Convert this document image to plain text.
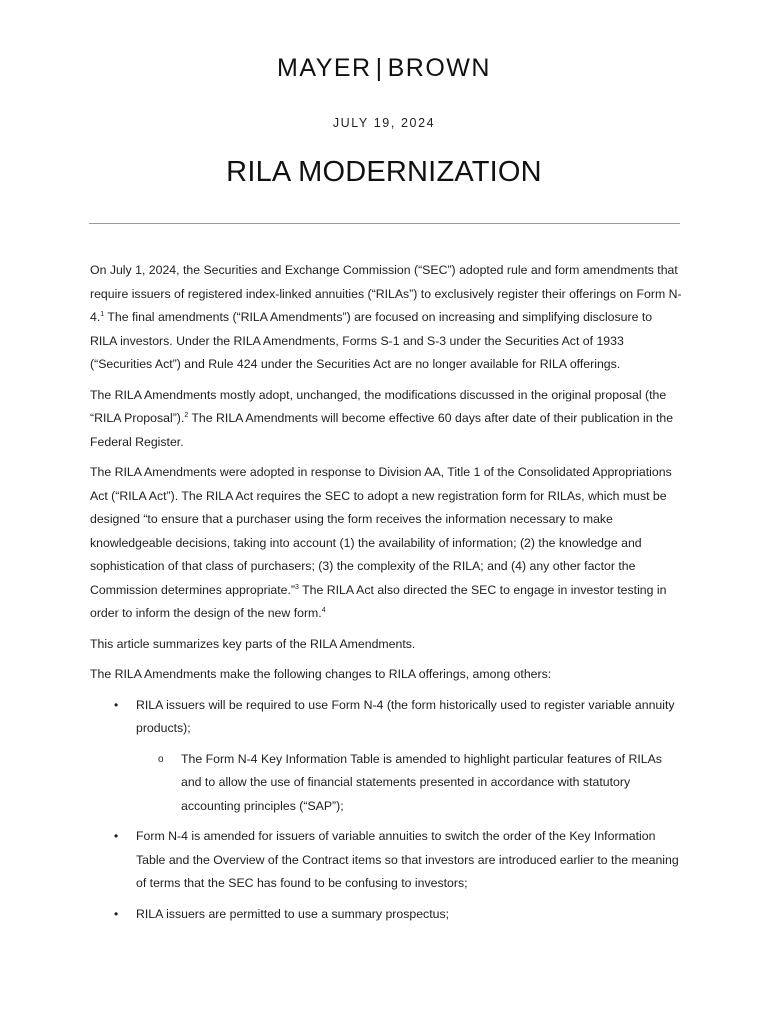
MAYER | BROWN
JULY 19, 2024
RILA MODERNIZATION

On July 1, 2024, the Securities and Exchange Commission (“SEC”) adopted rule and form amendments that require issuers of registered index-linked annuities (“RILAs”) to exclusively register their offerings on Form N-4.$^1$ The final amendments (“RILA Amendments”) are focused on increasing and simplifying disclosure to RILA investors. Under the RILA Amendments, Forms S-1 and S-3 under the Securities Act of 1933 (“Securities Act”) and Rule 424 under the Securities Act are no longer available for RILA offerings.

The RILA Amendments mostly adopt, unchanged, the modifications discussed in the original proposal (the “RILA Proposal”).$^2$ The RILA Amendments will become effective 60 days after date of their publication in the Federal Register.

The RILA Amendments were adopted in response to Division AA, Title 1 of the Consolidated Appropriations Act (“RILA Act”). The RILA Act requires the SEC to adopt a new registration form for RILAs, which must be designed “to ensure that a purchaser using the form receives the information necessary to make knowledgeable decisions, taking into account (1) the availability of information; (2) the knowledge and sophistication of that class of purchasers; (3) the complexity of the RILA; and (4) any other factor the Commission determines appropriate.”$^3$ The RILA Act also directed the SEC to engage in investor testing in order to inform the design of the new form.$^4$

This article summarizes key parts of the RILA Amendments.

The RILA Amendments make the following changes to RILA offerings, among others:

• RILA issuers will be required to use Form N-4 (the form historically used to register variable annuity products);
o The Form N-4 Key Information Table is amended to highlight particular features of RILAs and to allow the use of financial statements presented in accordance with statutory accounting principles (“SAP”);
• Form N-4 is amended for issuers of variable annuities to switch the order of the Key Information Table and the Overview of the Contract items so that investors are introduced earlier to the meaning of terms that the SEC has found to be confusing to investors;
• RILA issuers are permitted to use a summary prospectus;
